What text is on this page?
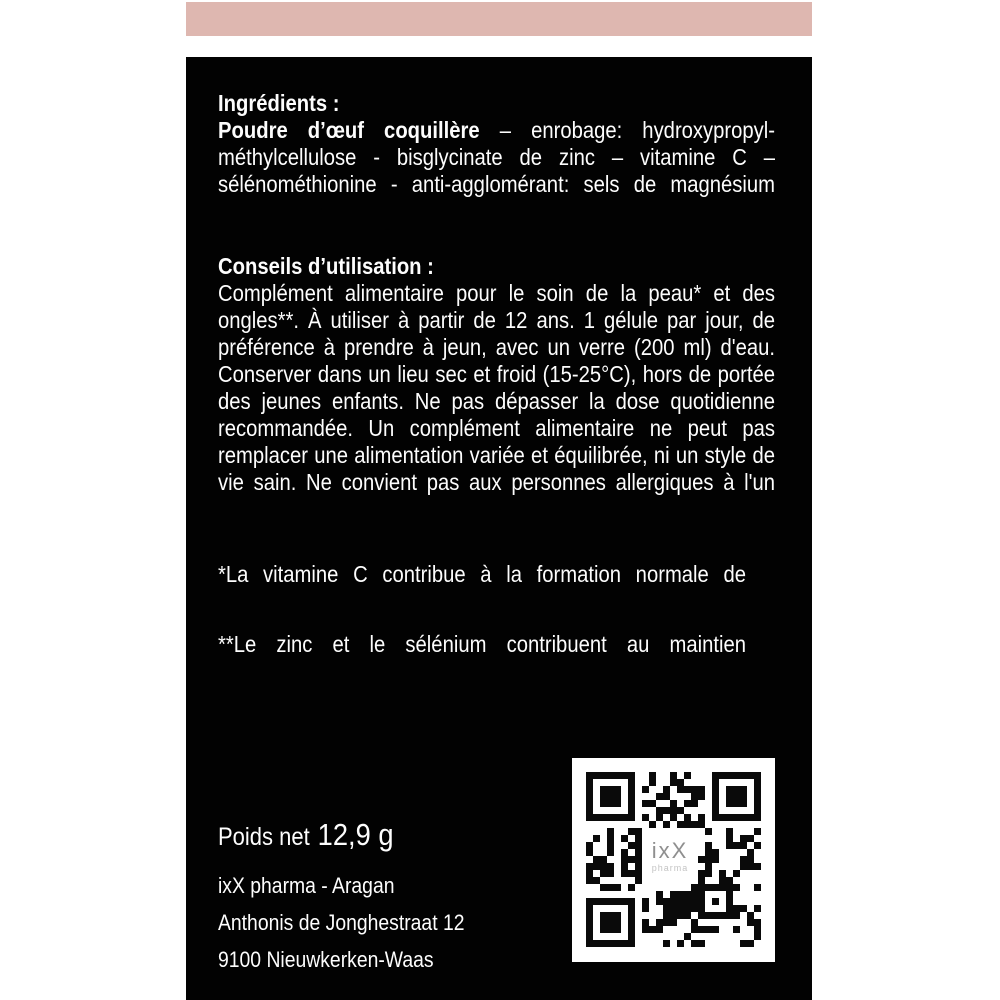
Ingrédients :

Poudre d’œuf coquillère – enrobage: hydroxypropyl-méthylcellulose - bisglycinate de zinc – vitamine C – sélénométhionine - anti-agglomérant: sels de magnésium

Conseils d’utilisation :

Complément alimentaire pour le soin de la peau* et des ongles**. À utiliser à partir de 12 ans. 1 gélule par jour, de préférence à prendre à jeun, avec un verre (200 ml) d'eau. Conserver dans un lieu sec et froid (15-25°C), hors de portée des jeunes enfants. Ne pas dépasser la dose quotidienne recommandée. Un complément alimentaire ne peut pas remplacer une alimentation variée et équilibrée, ni un style de vie sain. Ne convient pas aux personnes allergiques à l'un

*La vitamine C contribue à la formation normale de

**Le zinc et le sélénium contribuent au maintien

ixX
pharma
Poids net 12,9 g
ixX pharma - Aragan
Anthonis de Jonghestraat 12
9100 Nieuwkerken-Waas
